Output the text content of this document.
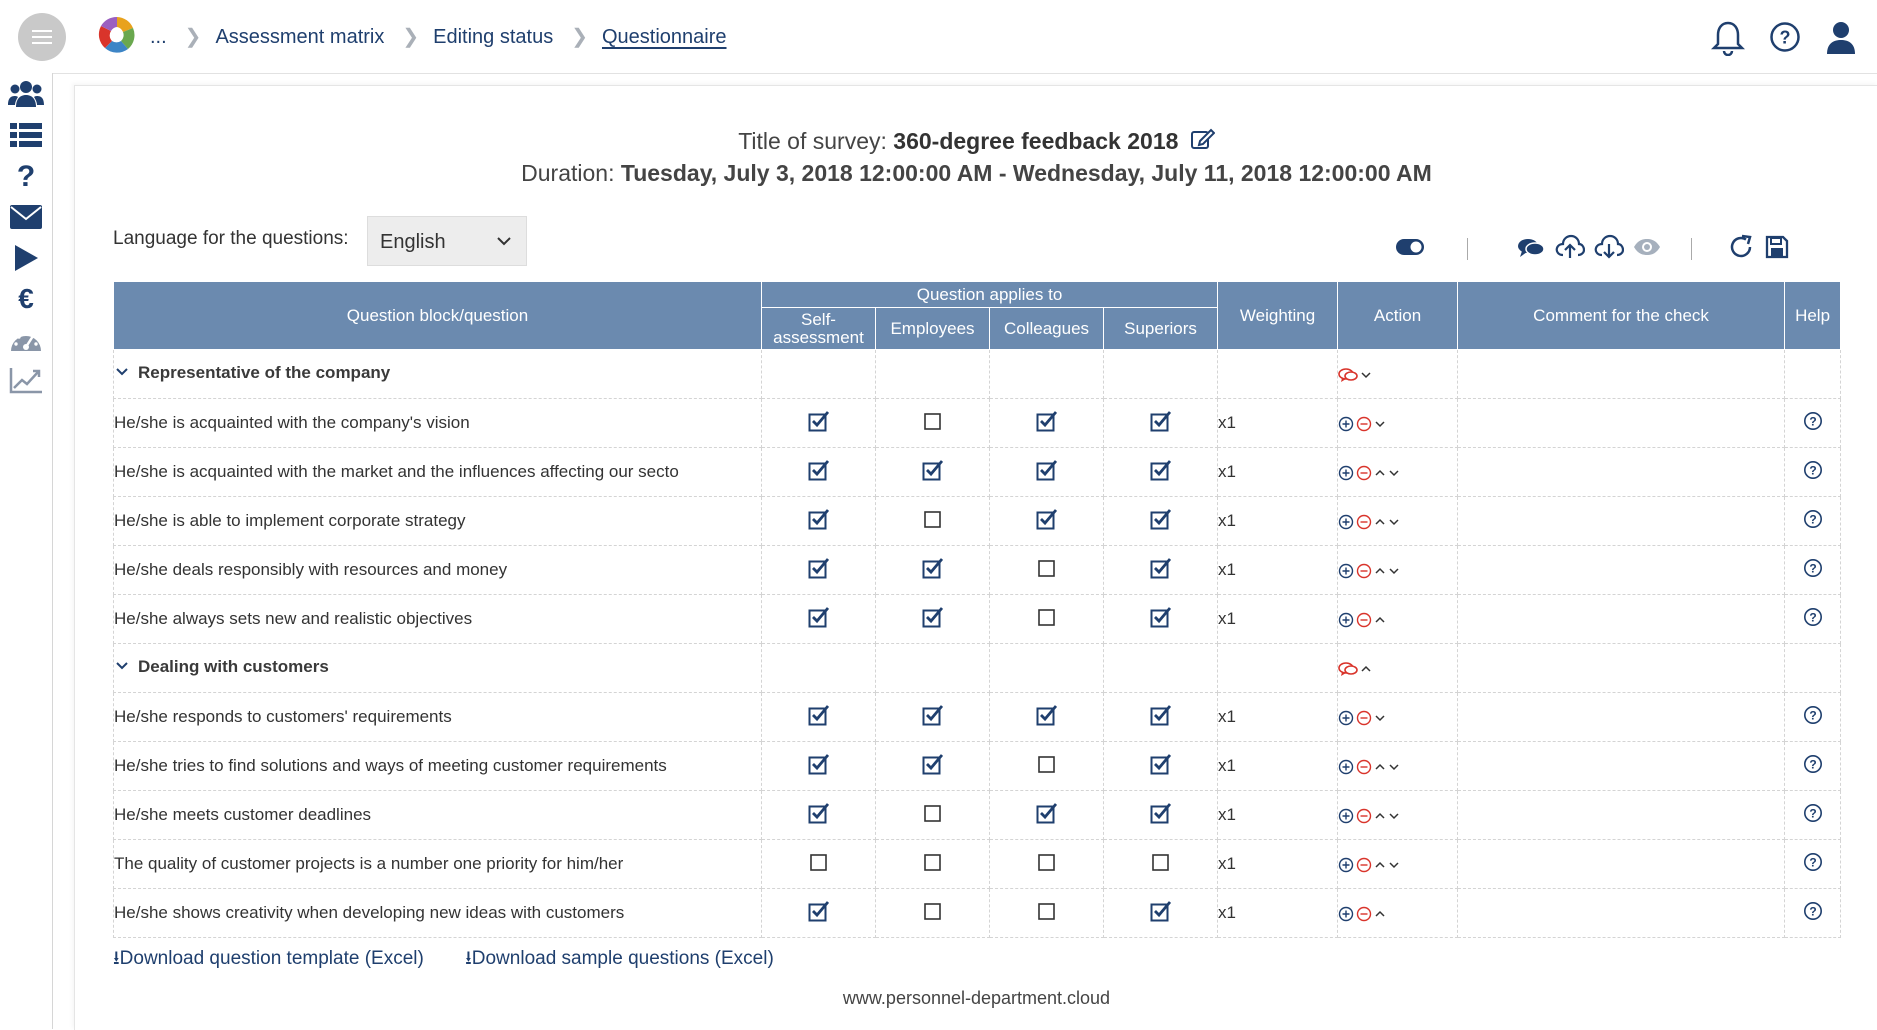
... ❯ Assessment matrix ❯ Editing status ❯ Questionnaire	?
?
€
Title of survey: 360-degree feedback 2018
Duration: Tuesday, July 3, 2018 12:00:00 AM - Wednesday, July 11, 2018 12:00:00 AM
Language for the questions: English
Question block/question	Question applies to				Weighting	Action	Comment for the check	Help
	Self-
assessment	Employees	Colleagues	Superiors				
Representative of the company								
He/she is acquainted with the company's vision					x1			?

He/she is acquainted with the market and the influences affecting our secto					x1			?

He/she is able to implement corporate strategy					x1			?

He/she deals responsibly with resources and money					x1			?

He/she always sets new and realistic objectives					x1			?

Dealing with customers								
He/she responds to customers' requirements					x1			?

He/she tries to find solutions and ways of meeting customer requirements					x1			?

He/she meets customer deadlines					x1			?

The quality of customer projects is a number one priority for him/her					x1			?

He/she shows creativity when developing new ideas with customers					x1			?
⭳Download question template (Excel) ⭳Download sample questions (Excel)
www.personnel-department.cloud
